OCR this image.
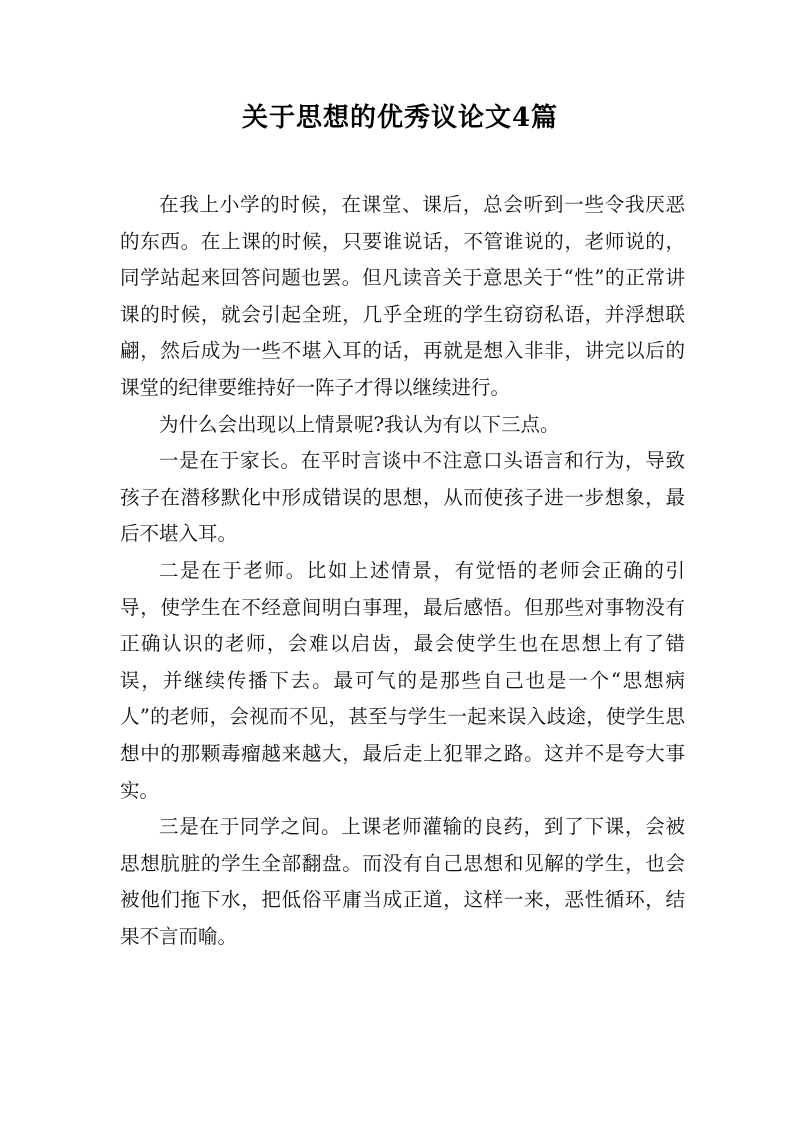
关于思想的优秀议论文4篇

在我上小学的时候，在课堂、课后，总会听到一些令我厌恶的东西。在上课的时候，只要谁说话，不管谁说的，老师说的，同学站起来回答问题也罢。但凡读音关于意思关于“性”的正常讲课的时候，就会引起全班，几乎全班的学生窃窃私语，并浮想联翩，然后成为一些不堪入耳的话，再就是想入非非，讲完以后的课堂的纪律要维持好一阵子才得以继续进行。

为什么会出现以上情景呢?我认为有以下三点。

一是在于家长。在平时言谈中不注意口头语言和行为，导致孩子在潜移默化中形成错误的思想，从而使孩子进一步想象，最后不堪入耳。

二是在于老师。比如上述情景，有觉悟的老师会正确的引导，使学生在不经意间明白事理，最后感悟。但那些对事物没有正确认识的老师，会难以启齿，最会使学生也在思想上有了错误，并继续传播下去。最可气的是那些自己也是一个“思想病人”的老师，会视而不见，甚至与学生一起来误入歧途，使学生思想中的那颗毒瘤越来越大，最后走上犯罪之路。这并不是夸大事实。

三是在于同学之间。上课老师灌输的良药，到了下课，会被思想肮脏的学生全部翻盘。而没有自己思想和见解的学生，也会被他们拖下水，把低俗平庸当成正道，这样一来，恶性循环，结果不言而喻。
